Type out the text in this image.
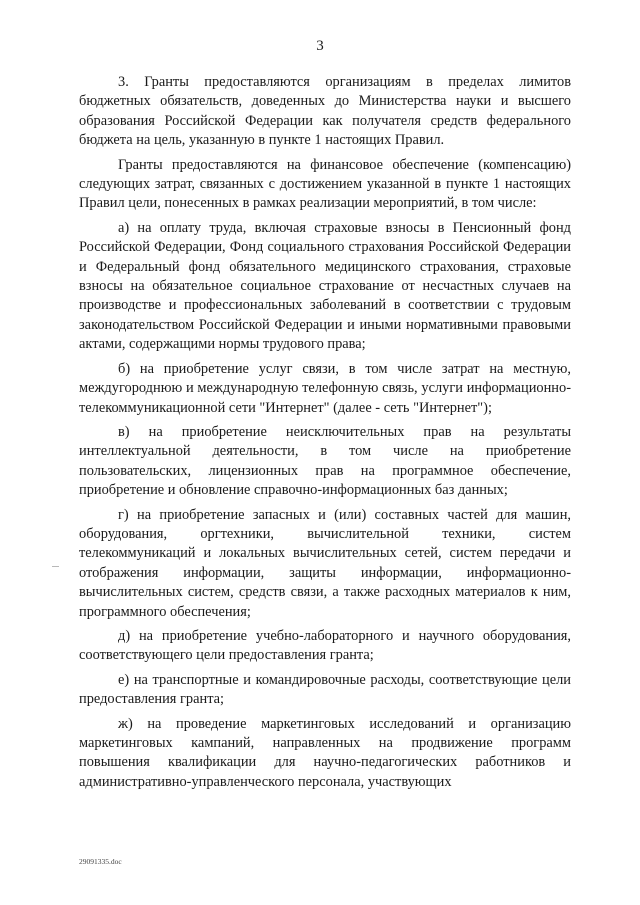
3

3. Гранты предоставляются организациям в пределах лимитов бюджетных обязательств, доведенных до Министерства науки и высшего образования Российской Федерации как получателя средств федерального бюджета на цель, указанную в пункте 1 настоящих Правил.

Гранты предоставляются на финансовое обеспечение (компенсацию) следующих затрат, связанных с достижением указанной в пункте 1 настоящих Правил цели, понесенных в рамках реализации мероприятий, в том числе:

а) на оплату труда, включая страховые взносы в Пенсионный фонд Российской Федерации, Фонд социального страхования Российской Федерации и Федеральный фонд обязательного медицинского страхования, страховые взносы на обязательное социальное страхование от несчастных случаев на производстве и профессиональных заболеваний в соответствии с трудовым законодательством Российской Федерации и иными нормативными правовыми актами, содержащими нормы трудового права;

б) на приобретение услуг связи, в том числе затрат на местную, междугороднюю и международную телефонную связь, услуги информационно-телекоммуникационной сети "Интернет" (далее - сеть "Интернет");

в) на приобретение неисключительных прав на результаты интеллектуальной деятельности, в том числе на приобретение пользовательских, лицензионных прав на программное обеспечение, приобретение и обновление справочно-информационных баз данных;

г) на приобретение запасных и (или) составных частей для машин, оборудования, оргтехники, вычислительной техники, систем телекоммуникаций и локальных вычислительных сетей, систем передачи и отображения информации, защиты информации, информационно-вычислительных систем, средств связи, а также расходных материалов к ним, программного обеспечения;

д) на приобретение учебно-лабораторного и научного оборудования, соответствующего цели предоставления гранта;

е) на транспортные и командировочные расходы, соответствующие цели предоставления гранта;

ж) на проведение маркетинговых исследований и организацию маркетинговых кампаний, направленных на продвижение программ повышения квалификации для научно-педагогических работников и административно-управленческого персонала, участвующих

29091335.doc
